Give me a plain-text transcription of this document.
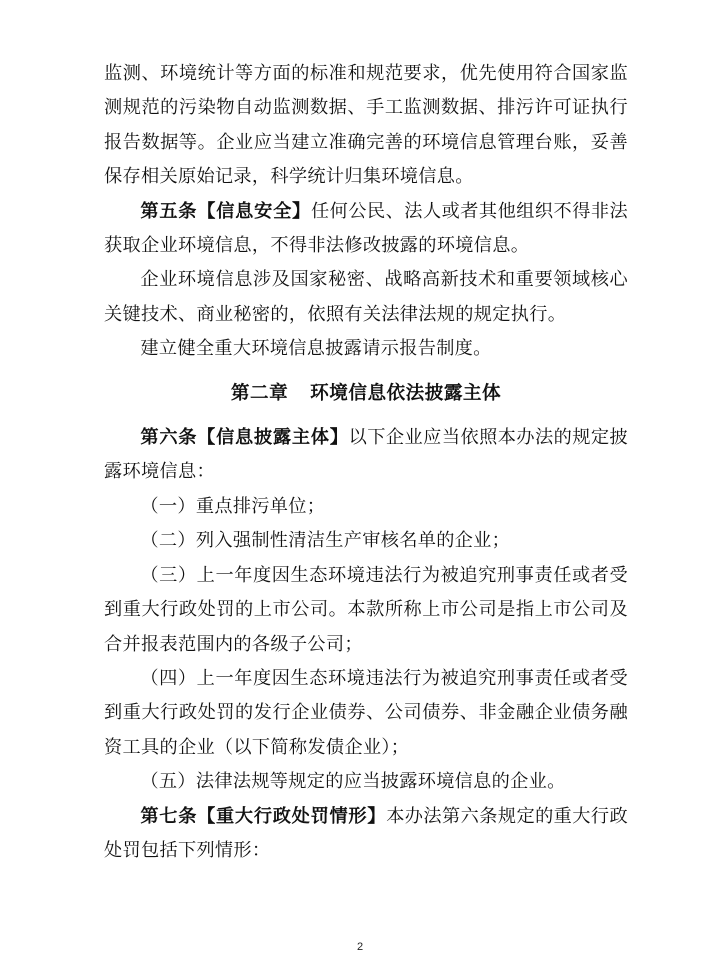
监测、环境统计等方面的标准和规范要求，优先使用符合国家监测规范的污染物自动监测数据、手工监测数据、排污许可证执行报告数据等。企业应当建立准确完善的环境信息管理台账，妥善保存相关原始记录，科学统计归集环境信息。

第五条【信息安全】任何公民、法人或者其他组织不得非法获取企业环境信息，不得非法修改披露的环境信息。

企业环境信息涉及国家秘密、战略高新技术和重要领域核心关键技术、商业秘密的，依照有关法律法规的规定执行。

建立健全重大环境信息披露请示报告制度。

第二章 环境信息依法披露主体

第六条【信息披露主体】以下企业应当依照本办法的规定披露环境信息：

（一）重点排污单位；

（二）列入强制性清洁生产审核名单的企业；

（三）上一年度因生态环境违法行为被追究刑事责任或者受到重大行政处罚的上市公司。本款所称上市公司是指上市公司及合并报表范围内的各级子公司；

（四）上一年度因生态环境违法行为被追究刑事责任或者受到重大行政处罚的发行企业债券、公司债券、非金融企业债务融资工具的企业（以下简称发债企业）；

（五）法律法规等规定的应当披露环境信息的企业。

第七条【重大行政处罚情形】本办法第六条规定的重大行政处罚包括下列情形：

2
